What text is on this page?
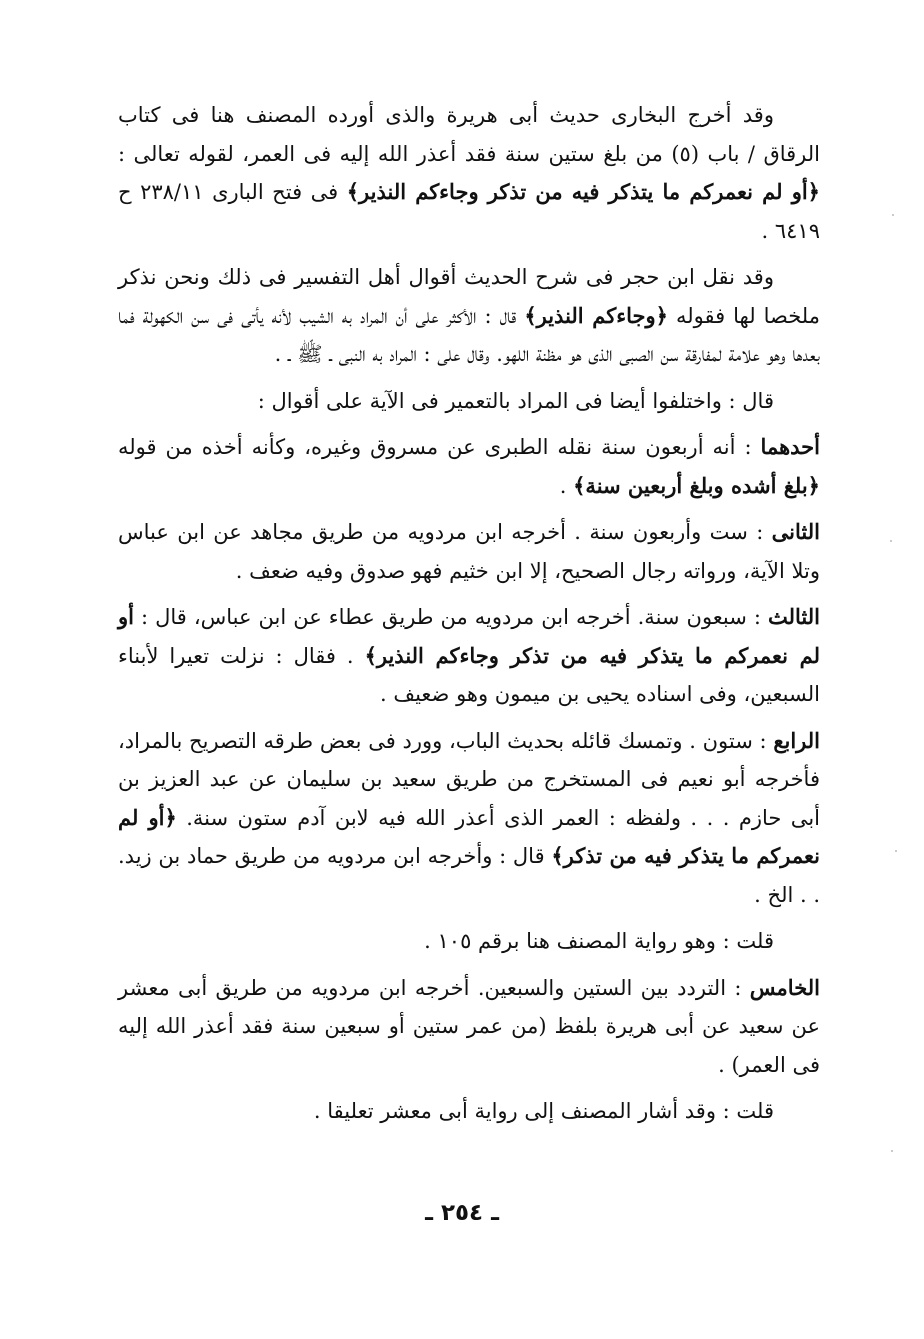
وقد أخرج البخارى حديث أبى هريرة والذى أورده المصنف هنا فى كتاب الرقاق / باب (٥) من بلغ ستين سنة فقد أعذر الله إليه فى العمر، لقوله تعالى : ﴿أو لم نعمركم ما يتذكر فيه من تذكر وجاءكم النذير﴾ فى فتح البارى ٢٣٨/١١ ح ٦٤١٩ .

وقد نقل ابن حجر فى شرح الحديث أقوال أهل التفسير فى ذلك ونحن نذكر ملخصا لها فقوله ﴿وجاءكم النذير﴾ قال : الأكثر على أن المراد به الشيب لأنه يأتى فى سن الكهولة فما بعدها وهو علامة لمفارقة سن الصبى الذى هو مظنة اللهو. وقال على : المراد به النبى ـ ﷺ ـ .

قال : واختلفوا أيضا فى المراد بالتعمير فى الآية على أقوال :

أحدهما : أنه أربعون سنة نقله الطبرى عن مسروق وغيره، وكأنه أخذه من قوله ﴿بلغ أشده وبلغ أربعين سنة﴾ .

الثانى : ست وأربعون سنة . أخرجه ابن مردويه من طريق مجاهد عن ابن عباس وتلا الآية، ورواته رجال الصحيح، إلا ابن خثيم فهو صدوق وفيه ضعف .

الثالث : سبعون سنة. أخرجه ابن مردويه من طريق عطاء عن ابن عباس، قال : أو لم نعمركم ما يتذكر فيه من تذكر وجاءكم النذير﴾ . فقال : نزلت تعيرا لأبناء السبعين، وفى اسناده يحيى بن ميمون وهو ضعيف .

الرابع : ستون . وتمسك قائله بحديث الباب، وورد فى بعض طرقه التصريح بالمراد، فأخرجه أبو نعيم فى المستخرج من طريق سعيد بن سليمان عن عبد العزيز بن أبى حازم . . . ولفظه : العمر الذى أعذر الله فيه لابن آدم ستون سنة. ﴿أو لم نعمركم ما يتذكر فيه من تذكر﴾ قال : وأخرجه ابن مردويه من طريق حماد بن زيد. . . الخ .

قلت : وهو رواية المصنف هنا برقم ١٠٥ .

الخامس : التردد بين الستين والسبعين. أخرجه ابن مردويه من طريق أبى معشر عن سعيد عن أبى هريرة بلفظ (من عمر ستين أو سبعين سنة فقد أعذر الله إليه فى العمر) .

قلت : وقد أشار المصنف إلى رواية أبى معشر تعليقا .

ـ ٢٥٤ ـ
